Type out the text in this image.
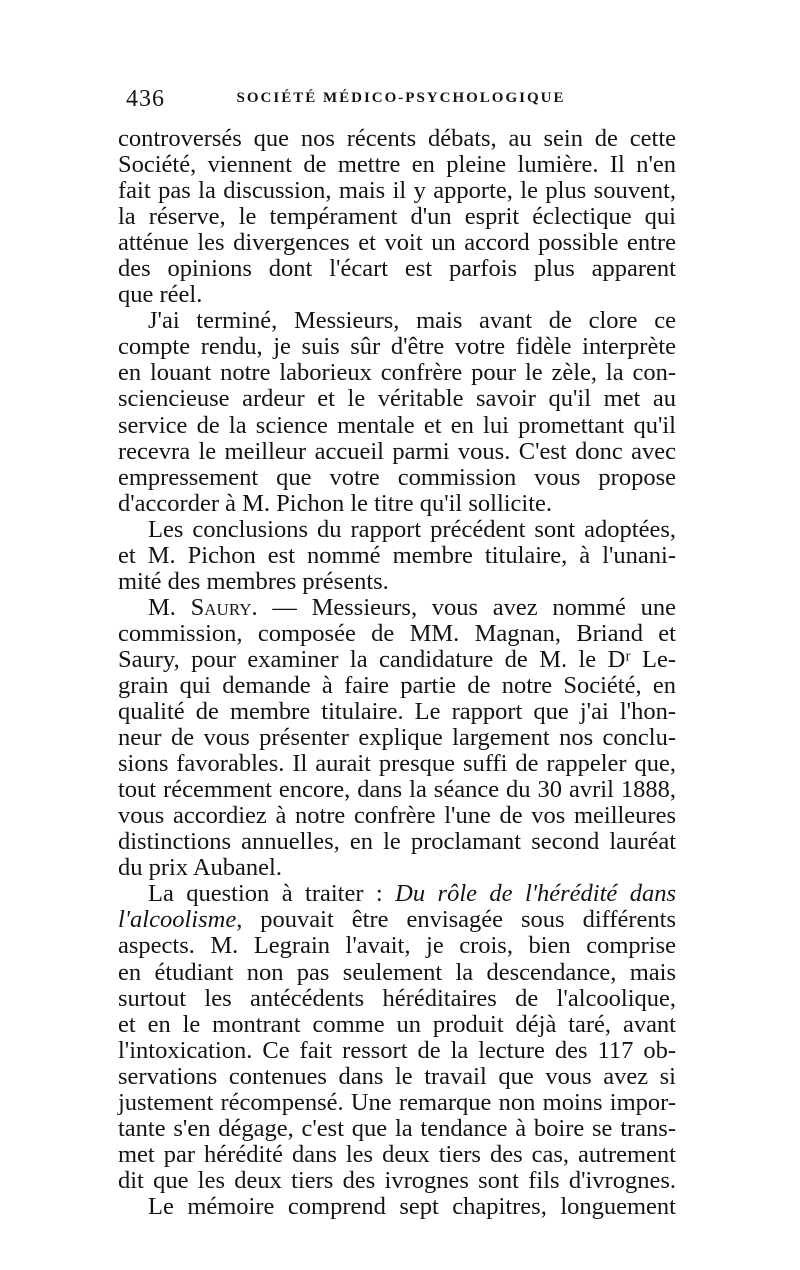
436	SOCIÉTÉ MÉDICO-PSYCHOLOGIQUE
controversés que nos récents débats, au sein de cette
Société, viennent de mettre en pleine lumière. Il n'en
fait pas la discussion, mais il y apporte, le plus souvent,
la réserve, le tempérament d'un esprit éclectique qui
atténue les divergences et voit un accord possible entre
des opinions dont l'écart est parfois plus apparent
que réel.
J'ai terminé, Messieurs, mais avant de clore ce
compte rendu, je suis sûr d'être votre fidèle interprète
en louant notre laborieux confrère pour le zèle, la con-
sciencieuse ardeur et le véritable savoir qu'il met au
service de la science mentale et en lui promettant qu'il
recevra le meilleur accueil parmi vous. C'est donc avec
empressement que votre commission vous propose
d'accorder à M. Pichon le titre qu'il sollicite.
Les conclusions du rapport précédent sont adoptées,
et M. Pichon est nommé membre titulaire, à l'unani-
mité des membres présents.
M. Saury. — Messieurs, vous avez nommé une
commission, composée de MM. Magnan, Briand et
Saury, pour examiner la candidature de M. le Dʳ Le-
grain qui demande à faire partie de notre Société, en
qualité de membre titulaire. Le rapport que j'ai l'hon-
neur de vous présenter explique largement nos conclu-
sions favorables. Il aurait presque suffi de rappeler que,
tout récemment encore, dans la séance du 30 avril 1888,
vous accordiez à notre confrère l'une de vos meilleures
distinctions annuelles, en le proclamant second lauréat
du prix Aubanel.
La question à traiter : Du rôle de l'hérédité dans
l'alcoolisme, pouvait être envisagée sous différents
aspects. M. Legrain l'avait, je crois, bien comprise
en étudiant non pas seulement la descendance, mais
surtout les antécédents héréditaires de l'alcoolique,
et en le montrant comme un produit déjà taré, avant
l'intoxication. Ce fait ressort de la lecture des 117 ob-
servations contenues dans le travail que vous avez si
justement récompensé. Une remarque non moins impor-
tante s'en dégage, c'est que la tendance à boire se trans-
met par hérédité dans les deux tiers des cas, autrement
dit que les deux tiers des ivrognes sont fils d'ivrognes.
Le mémoire comprend sept chapitres, longuement
